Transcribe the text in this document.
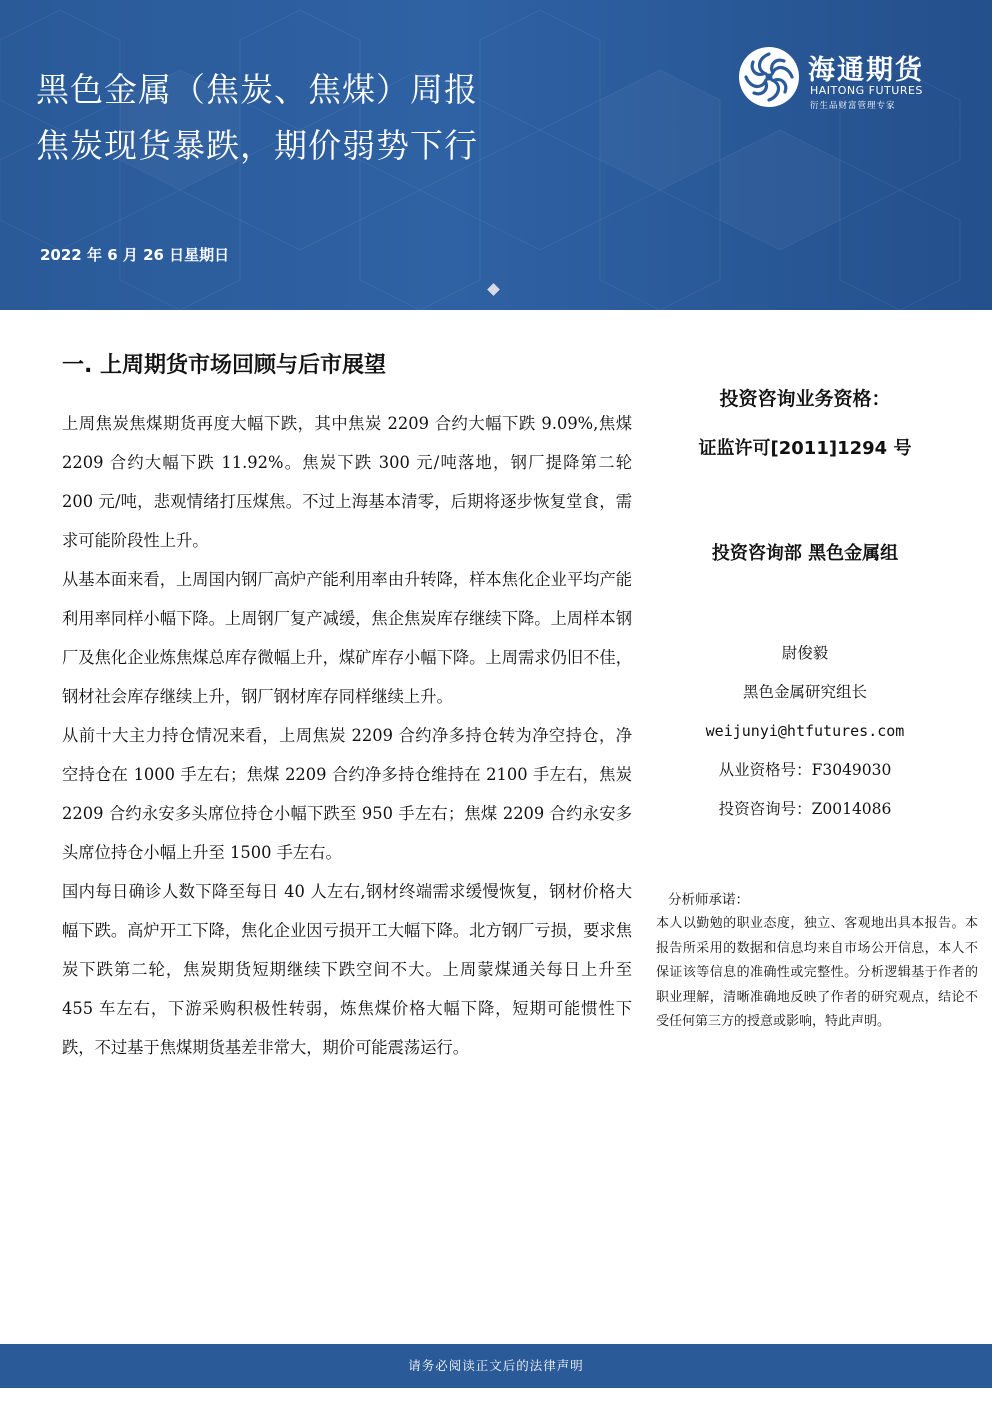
黑色金属（焦炭、焦煤）周报
焦炭现货暴跌，期价弱势下行
2022 年 6 月 26 日星期日
海通期货
HAITONG FUTURES
衍生品财富管理专家
一. 上周期货市场回顾与后市展望

上周焦炭焦煤期货再度大幅下跌，其中焦炭 2209 合约大幅下跌 9.09%,焦煤 2209 合约大幅下跌 11.92%。焦炭下跌 300 元/吨落地，钢厂提降第二轮 200 元/吨，悲观情绪打压煤焦。不过上海基本清零，后期将逐步恢复堂食，需求可能阶段性上升。

从基本面来看，上周国内钢厂高炉产能利用率由升转降，样本焦化企业平均产能利用率同样小幅下降。上周钢厂复产减缓，焦企焦炭库存继续下降。上周样本钢厂及焦化企业炼焦煤总库存微幅上升，煤矿库存小幅下降。上周需求仍旧不佳，钢材社会库存继续上升，钢厂钢材库存同样继续上升。

从前十大主力持仓情况来看，上周焦炭 2209 合约净多持仓转为净空持仓，净空持仓在 1000 手左右；焦煤 2209 合约净多持仓维持在 2100 手左右，焦炭 2209 合约永安多头席位持仓小幅下跌至 950 手左右；焦煤 2209 合约永安多头席位持仓小幅上升至 1500 手左右。

国内每日确诊人数下降至每日 40 人左右,钢材终端需求缓慢恢复，钢材价格大幅下跌。高炉开工下降，焦化企业因亏损开工大幅下降。北方钢厂亏损，要求焦炭下跌第二轮，焦炭期货短期继续下跌空间不大。上周蒙煤通关每日上升至 455 车左右，下游采购积极性转弱，炼焦煤价格大幅下降，短期可能惯性下跌，不过基于焦煤期货基差非常大，期价可能震荡运行。

投资咨询业务资格：
证监许可[2011]1294 号
投资咨询部 黑色金属组
尉俊毅
黑色金属研究组长
weijunyi@htfutures.com
从业资格号：F3049030
投资咨询号：Z0014086
分析师承诺：
本人以勤勉的职业态度，独立、客观地出具本报告。本报告所采用的数据和信息均来自市场公开信息，本人不保证该等信息的准确性或完整性。分析逻辑基于作者的职业理解，清晰准确地反映了作者的研究观点，结论不受任何第三方的授意或影响，特此声明。
请务必阅读正文后的法律声明
